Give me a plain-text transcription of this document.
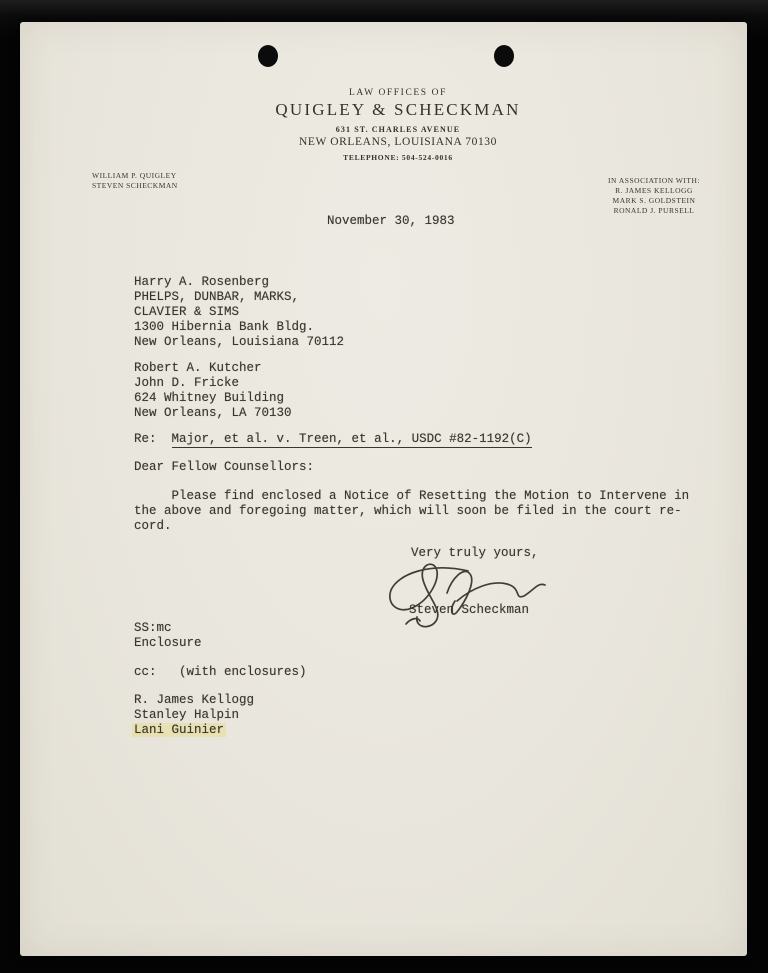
LAW OFFICES OF
QUIGLEY & SCHECKMAN
631 ST. CHARLES AVENUE
NEW ORLEANS, LOUISIANA 70130
TELEPHONE: 504-524-0016
WILLIAM P. QUIGLEY
STEVEN SCHECKMAN
IN ASSOCIATION WITH:
R. JAMES KELLOGG
MARK S. GOLDSTEIN
RONALD J. PURSELL
November 30, 1983
Harry A. Rosenberg
PHELPS, DUNBAR, MARKS,
CLAVIER & SIMS
1300 Hibernia Bank Bldg.
New Orleans, Louisiana 70112
Robert A. Kutcher
John D. Fricke
624 Whitney Building
New Orleans, LA 70130
Re: Major, et al. v. Treen, et al., USDC #82-1192(C)
Dear Fellow Counsellors:
Please find enclosed a Notice of Resetting the Motion to Intervene in
the above and foregoing matter, which will soon be filed in the court re-
cord.
Very truly yours,
Steven Scheckman
SS:mc
Enclosure
cc: (with enclosures)
R. James Kellogg
Stanley Halpin
Lani Guinier
